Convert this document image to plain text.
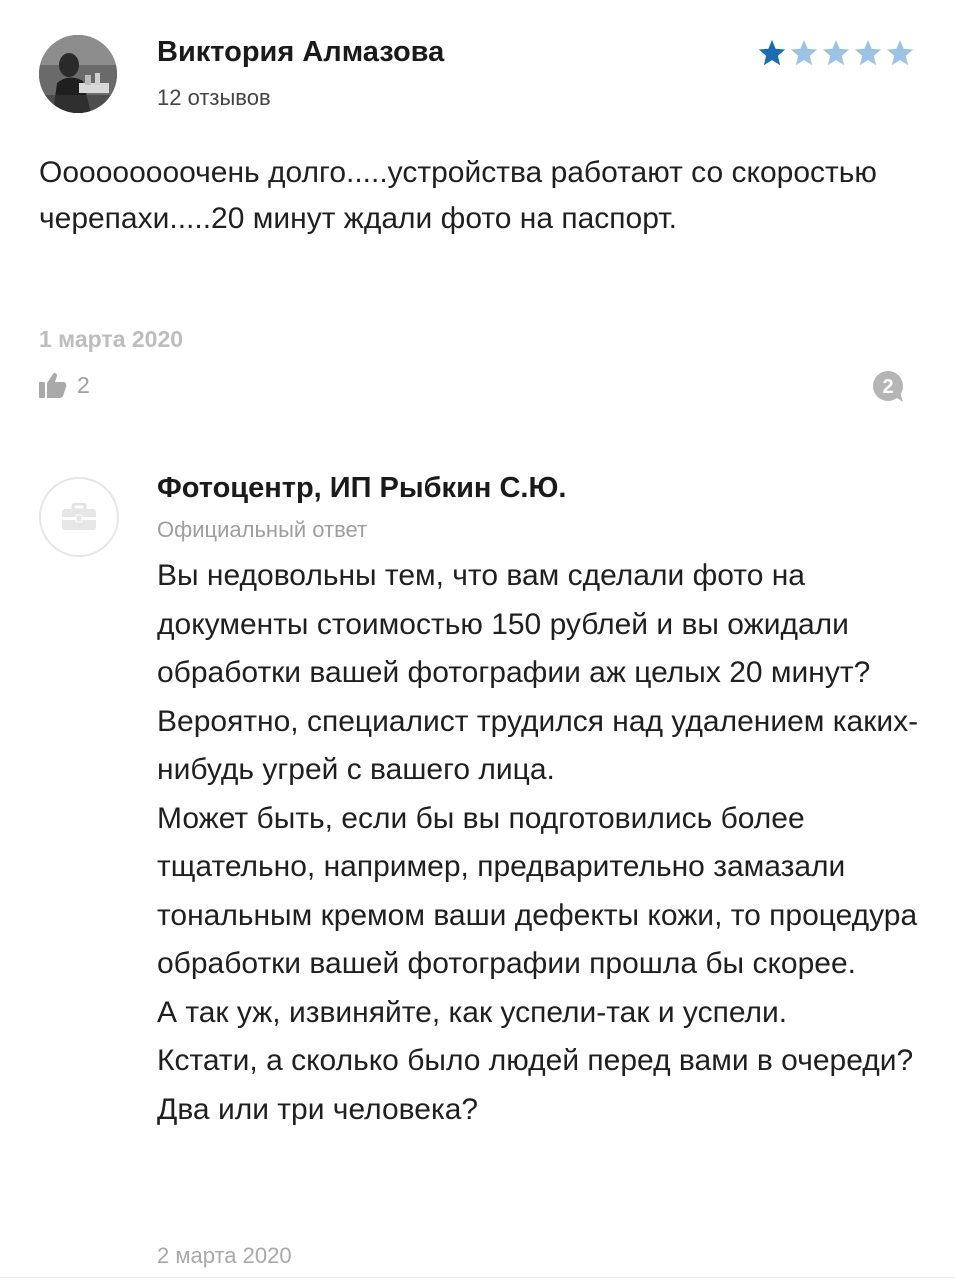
Виктория Алмазова
12 отзывов
Ооооооооочень долго.....устройства работают со скоростью черепахи.....20 минут ждали фото на паспорт.
1 марта 2020
2	2
Фотоцентр, ИП Рыбкин С.Ю.
Официальный ответ

Вы недовольны тем, что вам сделали фото на документы стоимостью 150 рублей и вы ожидали обработки вашей фотографии аж целых 20 минут? Вероятно, специалист трудился над удалением каких-нибудь угрей с вашего лица.

Может быть, если бы вы подготовились более тщательно, например, предварительно замазали тональным кремом ваши дефекты кожи, то процедура обработки вашей фотографии прошла бы скорее.

А так уж, извиняйте, как успели-так и успели.

Кстати, а сколько было людей перед вами в очереди? Два или три человека?

2 марта 2020
